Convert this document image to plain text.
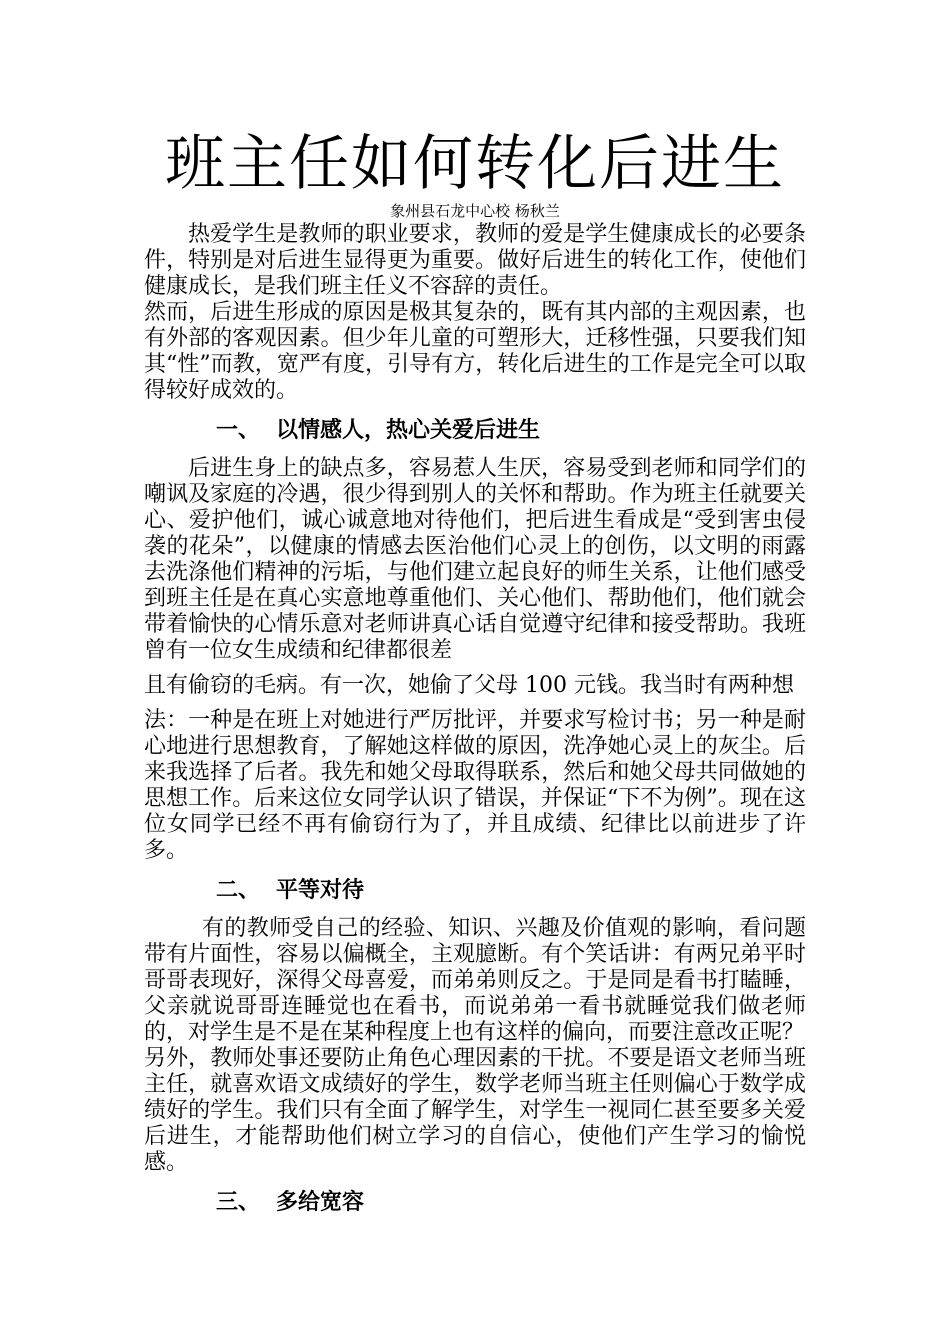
班主任如何转化后进生
象州县石龙中心校 杨秋兰

热爱学生是教师的职业要求，教师的爱是学生健康成长的必要条件，特别是对后进生显得更为重要。做好后进生的转化工作，使他们健康成长，是我们班主任义不容辞的责任。

然而，后进生形成的原因是极其复杂的，既有其内部的主观因素，也有外部的客观因素。但少年儿童的可塑形大，迁移性强，只要我们知其“性”而教，宽严有度，引导有方，转化后进生的工作是完全可以取得较好成效的。

一、 以情感人，热心关爱后进生

后进生身上的缺点多，容易惹人生厌，容易受到老师和同学们的嘲讽及家庭的冷遇，很少得到别人的关怀和帮助。作为班主任就要关心、爱护他们，诚心诚意地对待他们，把后进生看成是“受到害虫侵袭的花朵”，以健康的情感去医治他们心灵上的创伤，以文明的雨露去洗涤他们精神的污垢，与他们建立起良好的师生关系，让他们感受到班主任是在真心实意地尊重他们、关心他们、帮助他们，他们就会带着愉快的心情乐意对老师讲真心话自觉遵守纪律和接受帮助。我班曾有一位女生成绩和纪律都很差

且有偷窃的毛病。有一次，她偷了父母 100 元钱。我当时有两种想

法：一种是在班上对她进行严厉批评，并要求写检讨书；另一种是耐心地进行思想教育，了解她这样做的原因，洗净她心灵上的灰尘。后来我选择了后者。我先和她父母取得联系，然后和她父母共同做她的思想工作。后来这位女同学认识了错误，并保证“下不为例”。现在这位女同学已经不再有偷窃行为了，并且成绩、纪律比以前进步了许多。

二、 平等对待

有的教师受自己的经验、知识、兴趣及价值观的影响，看问题带有片面性，容易以偏概全，主观臆断。有个笑话讲：有两兄弟平时哥哥表现好，深得父母喜爱，而弟弟则反之。于是同是看书打瞌睡，父亲就说哥哥连睡觉也在看书，而说弟弟一看书就睡觉我们做老师的，对学生是不是在某种程度上也有这样的偏向，而要注意改正呢？

另外，教师处事还要防止角色心理因素的干扰。不要是语文老师当班主任，就喜欢语文成绩好的学生，数学老师当班主任则偏心于数学成绩好的学生。我们只有全面了解学生，对学生一视同仁甚至要多关爱后进生，才能帮助他们树立学习的自信心，使他们产生学习的愉悦感。

三、 多给宽容
